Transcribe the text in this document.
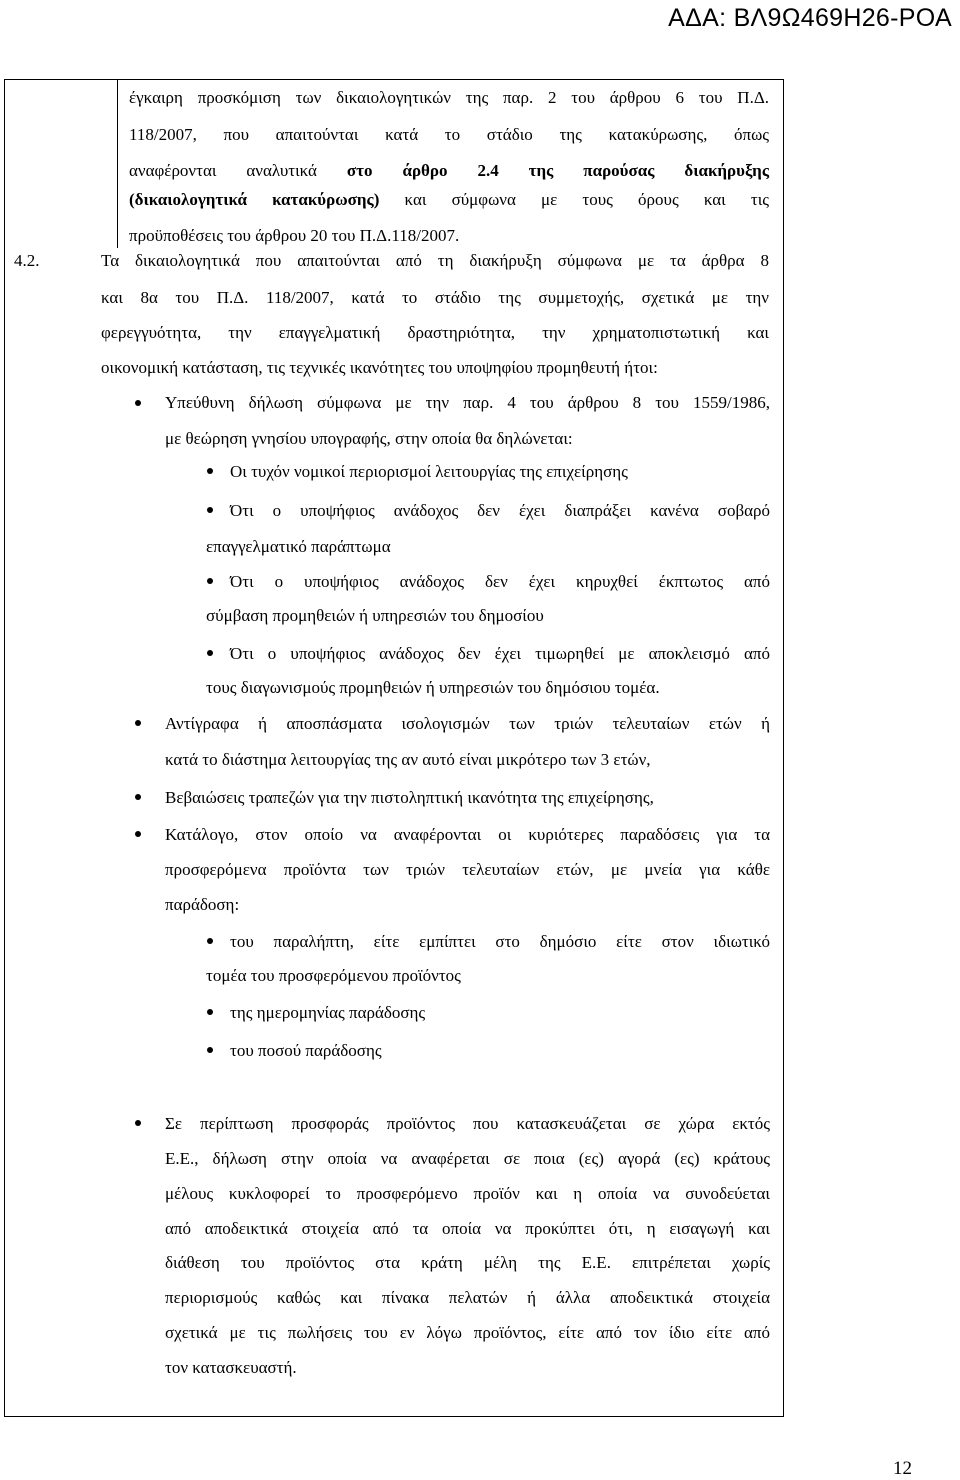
ΑΔΑ: ΒΛ9Ω469Η26-ΡΟΑ
έγκαιρη προσκόμιση των δικαιολογητικών της παρ. 2 του άρθρου 6 του Π.Δ.
118/2007, που απαιτούνται κατά το στάδιο της κατακύρωσης, όπως
αναφέρονται αναλυτικά στο άρθρο 2.4 της παρούσας διακήρυξης
(δικαιολογητικά κατακύρωσης) και σύμφωνα με τους όρους και τις
προϋποθέσεις του άρθρου 20 του Π.Δ.118/2007.
4.2.	Τα δικαιολογητικά που απαιτούνται από τη διακήρυξη σύμφωνα με τα άρθρα 8
και 8α του Π.Δ. 118/2007, κατά το στάδιο της συμμετοχής, σχετικά με την
φερεγγυότητα, την επαγγελματική δραστηριότητα, την χρηματοπιστωτική και
οικονομική κατάσταση, τις τεχνικές ικανότητες του υποψηφίου προμηθευτή ήτοι:
Υπεύθυνη δήλωση σύμφωνα με την παρ. 4 του άρθρου 8 του 1559/1986,
με θεώρηση γνησίου υπογραφής, στην οποία θα δηλώνεται:
Οι τυχόν νομικοί περιορισμοί λειτουργίας της επιχείρησης
Ότι ο υποψήφιος ανάδοχος δεν έχει διαπράξει κανένα σοβαρό
επαγγελματικό παράπτωμα
Ότι ο υποψήφιος ανάδοχος δεν έχει κηρυχθεί έκπτωτος από
σύμβαση προμηθειών ή υπηρεσιών του δημοσίου
Ότι ο υποψήφιος ανάδοχος δεν έχει τιμωρηθεί με αποκλεισμό από
τους διαγωνισμούς προμηθειών ή υπηρεσιών του δημόσιου τομέα.
Αντίγραφα ή αποσπάσματα ισολογισμών των τριών τελευταίων ετών ή
κατά το διάστημα λειτουργίας της αν αυτό είναι μικρότερο των 3 ετών,
Βεβαιώσεις τραπεζών για την πιστοληπτική ικανότητα της επιχείρησης,
Κατάλογο, στον οποίο να αναφέρονται οι κυριότερες παραδόσεις για τα
προσφερόμενα προϊόντα των τριών τελευταίων ετών, με μνεία για κάθε
παράδοση:
του παραλήπτη, είτε εμπίπτει στο δημόσιο είτε στον ιδιωτικό
τομέα του προσφερόμενου προϊόντος
της ημερομηνίας παράδοσης
του ποσού παράδοσης
Σε περίπτωση προσφοράς προϊόντος που κατασκευάζεται σε χώρα εκτός
Ε.Ε., δήλωση στην οποία να αναφέρεται σε ποια (ες) αγορά (ες) κράτους
μέλους κυκλοφορεί το προσφερόμενο προϊόν και η οποία να συνοδεύεται
από αποδεικτικά στοιχεία από τα οποία να προκύπτει ότι, η εισαγωγή και
διάθεση του προϊόντος στα κράτη μέλη της Ε.Ε. επιτρέπεται χωρίς
περιορισμούς καθώς και πίνακα πελατών ή άλλα αποδεικτικά στοιχεία
σχετικά με τις πωλήσεις του εν λόγω προϊόντος, είτε από τον ίδιο είτε από
τον κατασκευαστή.
12
